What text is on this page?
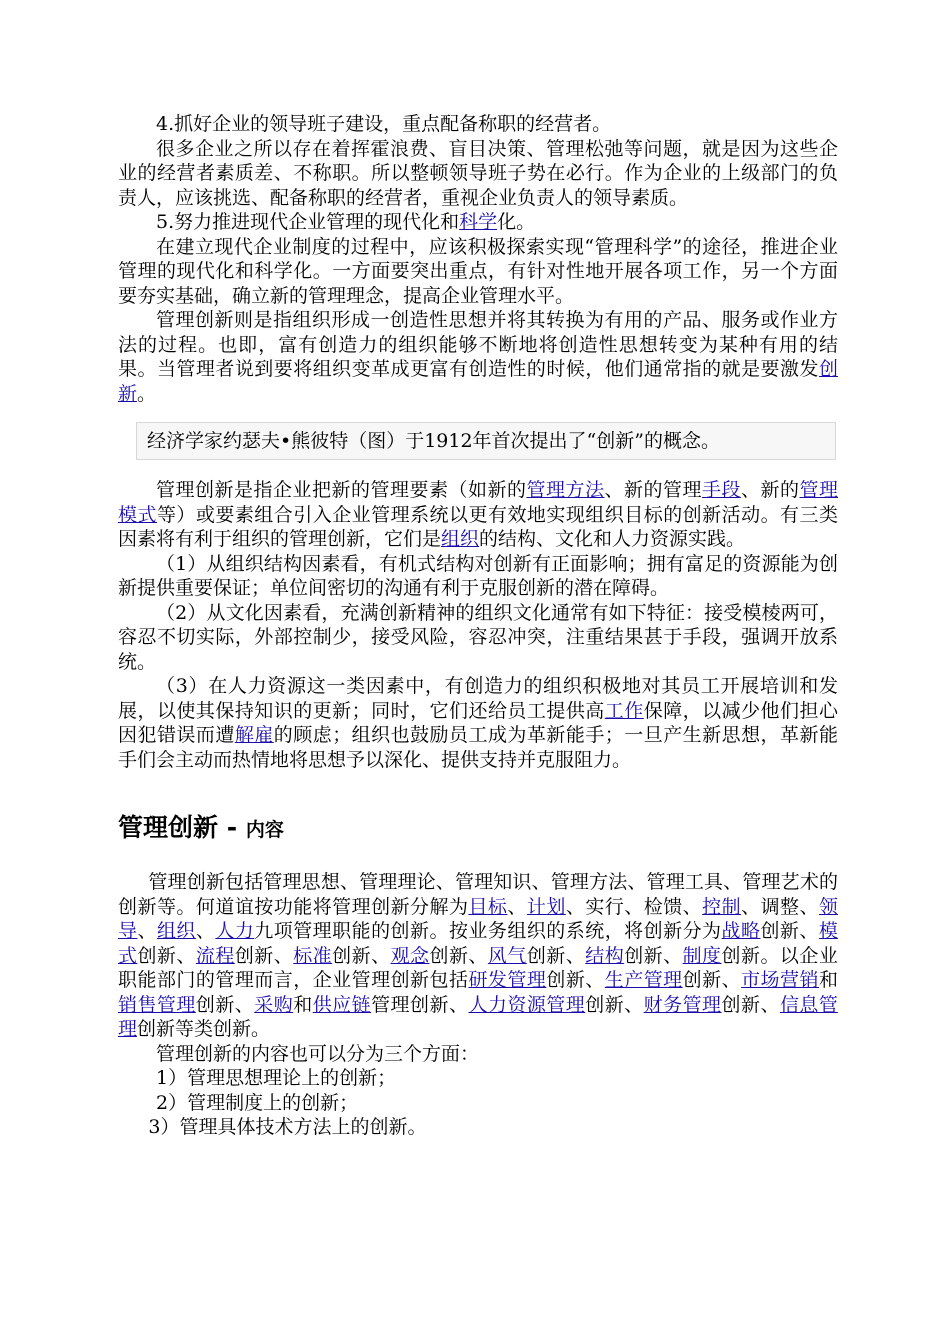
4.抓好企业的领导班子建设，重点配备称职的经营者。

很多企业之所以存在着挥霍浪费、盲目决策、管理松弛等问题，就是因为这些企业的经营者素质差、不称职。所以整顿领导班子势在必行。作为企业的上级部门的负责人，应该挑选、配备称职的经营者，重视企业负责人的领导素质。

5.努力推进现代企业管理的现代化和科学化。

在建立现代企业制度的过程中，应该积极探索实现“管理科学”的途径，推进企业管理的现代化和科学化。一方面要突出重点，有针对性地开展各项工作，另一个方面要夯实基础，确立新的管理理念，提高企业管理水平。

管理创新则是指组织形成一创造性思想并将其转换为有用的产品、服务或作业方法的过程。也即，富有创造力的组织能够不断地将创造性思想转变为某种有用的结果。当管理者说到要将组织变革成更富有创造性的时候，他们通常指的就是要激发创新。

经济学家约瑟夫•熊彼特（图）于1912年首次提出了“创新”的概念。

管理创新是指企业把新的管理要素（如新的管理方法、新的管理手段、新的管理模式等）或要素组合引入企业管理系统以更有效地实现组织目标的创新活动。有三类因素将有利于组织的管理创新，它们是组织的结构、文化和人力资源实践。

（1）从组织结构因素看，有机式结构对创新有正面影响；拥有富足的资源能为创新提供重要保证；单位间密切的沟通有利于克服创新的潜在障碍。

（2）从文化因素看，充满创新精神的组织文化通常有如下特征：接受模棱两可，容忍不切实际，外部控制少，接受风险，容忍冲突，注重结果甚于手段，强调开放系统。

（3）在人力资源这一类因素中，有创造力的组织积极地对其员工开展培训和发展，以使其保持知识的更新；同时，它们还给员工提供高工作保障，以减少他们担心因犯错误而遭解雇的顾虑；组织也鼓励员工成为革新能手；一旦产生新思想，革新能手们会主动而热情地将思想予以深化、提供支持并克服阻力。

管理创新 - 内容

管理创新包括管理思想、管理理论、管理知识、管理方法、管理工具、管理艺术的创新等。何道谊按功能将管理创新分解为目标、计划、实行、检馈、控制、调整、领导、组织、人力九项管理职能的创新。按业务组织的系统，将创新分为战略创新、模式创新、流程创新、标准创新、观念创新、风气创新、结构创新、制度创新。以企业职能部门的管理而言，企业管理创新包括研发管理创新、生产管理创新、市场营销和销售管理创新、采购和供应链管理创新、人力资源管理创新、财务管理创新、信息管理创新等类创新。

管理创新的内容也可以分为三个方面：

1）管理思想理论上的创新；

2）管理制度上的创新；

3）管理具体技术方法上的创新。
